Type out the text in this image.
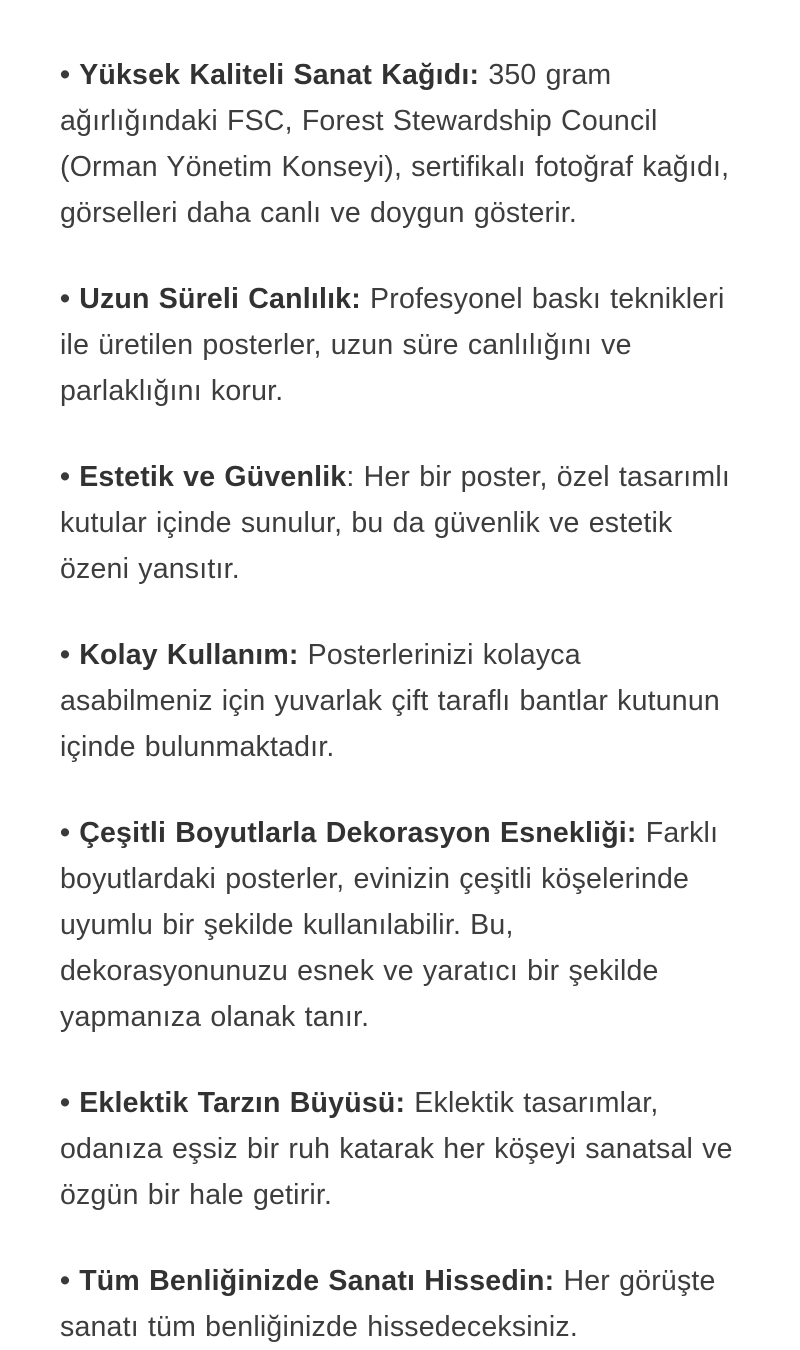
• Yüksek Kaliteli Sanat Kağıdı: 350 gram ağırlığındaki FSC, Forest Stewardship Council (Orman Yönetim Konseyi), sertifikalı fotoğraf kağıdı, görselleri daha canlı ve doygun gösterir.

• Uzun Süreli Canlılık: Profesyonel baskı teknikleri ile üretilen posterler, uzun süre canlılığını ve parlaklığını korur.

• Estetik ve Güvenlik: Her bir poster, özel tasarımlı kutular içinde sunulur, bu da güvenlik ve estetik özeni yansıtır.

• Kolay Kullanım: Posterlerinizi kolayca asabilmeniz için yuvarlak çift taraflı bantlar kutunun içinde bulunmaktadır.

• Çeşitli Boyutlarla Dekorasyon Esnekliği: Farklı boyutlardaki posterler, evinizin çeşitli köşelerinde uyumlu bir şekilde kullanılabilir. Bu, dekorasyonunuzu esnek ve yaratıcı bir şekilde yapmanıza olanak tanır.

• Eklektik Tarzın Büyüsü: Eklektik tasarımlar, odanıza eşsiz bir ruh katarak her köşeyi sanatsal ve özgün bir hale getirir.

• Tüm Benliğinizde Sanatı Hissedin: Her görüşte sanatı tüm benliğinizde hissedeceksiniz.
